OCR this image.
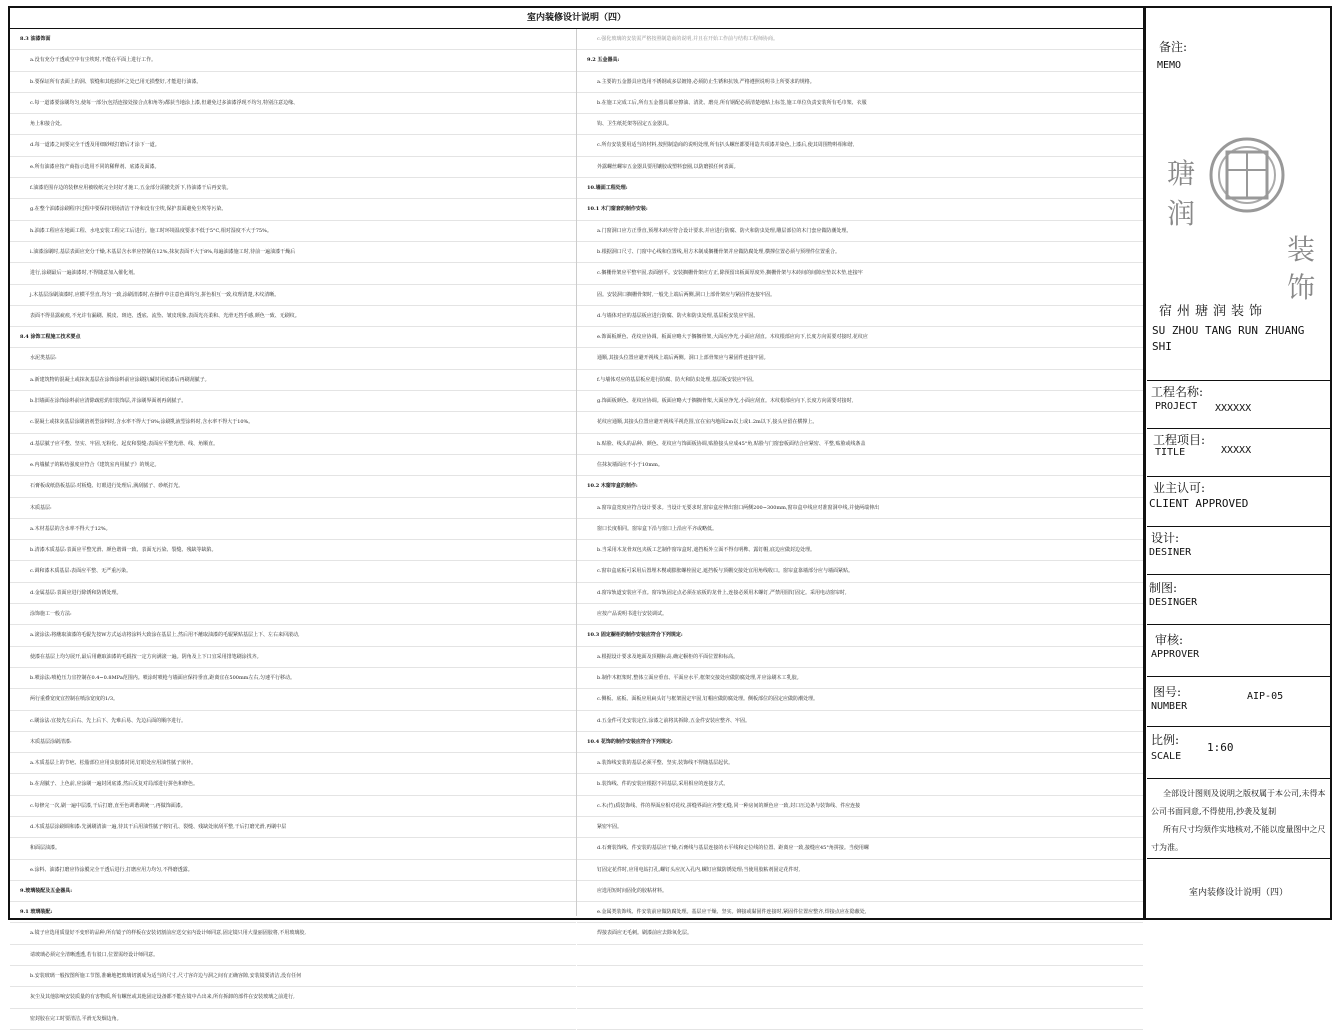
室内装修设计说明（四）
8.3 油漆饰面
a.没有充分干透或空中有尘埃时,不能在平面上进行工作。
b.要保证所有表面上的洞、裂缝和其他损坏之处已用无损整好,才能进行油漆。
c.每一道漆要涂刷均匀,使每一部分(包括连接处接合点和角等)都获当地涂上漆,但避免过多油漆浮现不均匀,特别注意边缘、
角上和接合处。
d.每一道漆之间要完全干透及用细砂纸打磨后才涂下一道。
e.所有油漆应按产商指示选用不同的稀释剂、底漆及面漆。
f.油漆范围存边的装修应用被收纸完全封好才施工,五金部分需撤先折下,待油漆干后再安装。
g.在整个油漆涂刷程序过程中要保持现场清洁干净和没有尘埃,保护表面避免尘埃等污染。
h.油漆工程应在地面工程、水电安装工程完工后进行。施工时环境温度要求不低于5°C,相对湿度不大于75%。
i.油漆涂刷时,基层表面应充分干燥,木基层含水率应控制在12%,抹灰表面不大于8%,每遍油漆施工时,待前一遍油漆干燥后
进行,涂刷最后一遍油漆时,不得随意加入催化剂。
j.木基层涂刷油漆时,应横平竖直,均匀一致,涂刷清漆时,在操作中注意色调均匀,拼色相互一致,纹理清楚,木纹清晰。
表面不得显露疵痕,不允许有漏刷、脱皮、斑迹、透底、流坠、皱皮现象,表面光亮柔和、光滑无挡手感,颜色一致、无刷纹。
8.4 涂饰工程施工技术要点
水泥类基层:
a.新建筑物的混凝土或抹灰基层在涂饰涂料前应涂刷抗碱封闭底漆后再刷刮腻子。
b.旧墙面在涂饰涂料前应清除疏松的旧装饰层,并涂刷界面剂再刮腻子。
c.混凝土或抹灰基层涂刷溶剂型涂料时,含水率不得大于8%;涂刷乳液型涂料时,含水率不得大于10%。
d.基层腻子应平整、坚实、牢固,无粉化、起皮和裂缝;表面应平整光滑、线、角顺直。
e.内墙腻子的粘结强度应符合《建筑室内用腻子》的规定。
石膏板或纸筋板基层:对板缝、钉眼进行处理后,满刮腻子、砂纸打光。
木质基层:
a.木材基层的含水率不得大于12%。
b.清漆木质基层:表面应平整光滑、颜色谐调一致、表面无污染、裂缝、残缺等缺陷。
c.调和漆木质基层:表面应平整、无严重污染。
d.金属基层:表面应进行除锈和防锈处理。
涂饰施工一般方法:
a.滚涂法:将蘸取油漆的毛辊先按W方式运动将涂料大致涂在基层上,然后用不蘸取油漆的毛辊紧贴基层上下、左右来回滚动,
使漆在基层上均匀展开,最后用蘸取油漆的毛辊按一定方向满滚一遍。阴角及上下口宜采用排笔刷涂找齐。
b.喷涂法:喷枪压力宜控制在0.4~0.8MPa范围内。喷涂时喷枪与墙面应保持垂直,距离宜在500mm左右,匀速平行移动。
两行重叠宽度宜控制在喷涂宽度的1/3。
c.刷涂法:宜按先左后右、先上后下、先难后易、先边后面的顺序进行。
木质基层涂刷清漆:
a.木质基层上的节疤、松脂部位应用虫胶漆封闭,钉眼处应用油性腻子嵌补。
b.在刮腻子、上色前,应涂刷一遍封闭底漆,然后反复对局部进行拼色和修色。
c.每修完一次,刷一遍中层漆,干后打磨,直至色调谐调统一,再做饰面漆。
d.木质基层涂刷调和漆:先满刷清油一遍,待其干后用油性腻子将钉孔、裂缝、残缺处嵌刮平整,干后打磨光滑,再刷中层
和面层油漆。
e.涂料、油漆打磨应待涂膜完全干透后进行,打磨应用力均匀,不得磨透露。
9.玻璃装配及五金器具:
9.1 玻璃装配:
a.镜子应选用质量好不变形的品种,所有镜子的样板在安装切割前应送交室内设计师同意,固定镜只用大量丽固胶将,不用玻璃胶,
请玻璃必须完全清晰透透,若有驳口,位置需经设计师同意。
b.安装玻璃一般按图所施工节图,准确地把玻璃切割成为适当的尺寸,尺寸容许边与洞之间有正确容隙,安装镜要清洁,没有任何
灰尘及其他影响安装质量的有害物质,所有螺丝或其他固定设备都不能在镜中凸出来,所有拆卸的部件在安装玻璃之前进行,
密封胶在完工时要清洁,平滑无发烟边角。
c.强化玻璃的安装需严格按照制造商的说明,并且在开始工作前与结构工程师协商。
9.2 五金器具:
a.主要的五金器具应选用不锈钢或多层镀铬,必须防止生锈和抗蚀,严格遵照说明书上所要求的规格。
b.在施工完成工后,所有五金器具都应擦油、清洗、磨亮,所有钢配必须清楚地贴上标签,施工单位负责安装所有毛巾架、衣服
钩、卫生纸托架等固定五金器具。
c.所有安装要用适当的材料,按照制造商的说明处理,所有扒头螺丝都要用造共项漆并染色,上漆后,使其周围物料相和谐,
外露螺丝螺帘五金器具要用镶胶或塑料套圈,以防磨损任何表面。
10.墙面工程处理:
10.1 木门窗套的制作安装:
a.门窗洞口应方正垂直,预埋木砖应符合设计要求,并应进行防腐、防火和防虫处理,雕层部位的木门套应做防潮处理。
b.根据洞口尺寸、门窗中心线和位置线,用方木制成搁栅骨架并应做防腐处理,横撑位置必须与预埋件位置重合。
c.搁栅骨架应平整牢固,表面刨平。安装搁栅骨架应方正,除预留出板面厚度外,搁栅骨架与木砖间的间隙应垫以木垫,连接牢
固。安装洞口搁栅骨架时,一般先上端后两侧,洞口上部骨架应与紧固件连接牢固。
d.与墙体对应的基层板应进行防腐、防火和防虫处理,基层板安装应牢固。
e.饰面板颜色、花纹应协调。板面应略大于搁搁骨架,大面应净光,小面应刮直。木纹根部应向下,长度方向需要对接时,花纹应
通顺,其接头位置应避开视线上端后两侧。洞口上部骨架应与紧固件连接牢固。
f.与墙体对应的基层板应进行防腐、防火和防虫处理,基层板安装应牢固。
g.饰面板颜色、花纹应协调。板面应略大于搁搁骨架,大面应净光,小面应刮直。木纹根部应向下,长度方向需要对接时,
花纹应通顺,其接头位置应避开视线平视范围,宜在室内地面2m以上或1.2m以下,接头应留在横撑上。
h.贴脸、线头的品种、颜色、花纹应与饰面板协调,贴脸接头应成45°角,贴脸与门窗套板面结合应紧密、平整,贴脸或线条盖
住抹灰墙面应不小于10mm。
10.2 木窗帘盒的制作:
a.窗帘盒宽度应符合设计要求。当设计无要求时,窗帘盒应伸出窗口两侧200~300mm,窗帘盒中线应对准窗洞中线,并使两端伸出
窗口长度相同。窗帘盒下沿与窗口上沿应平齐或略低。
b.当采用木龙骨双包夹板工艺制作窗帘盒时,遮挡板外立面不得有明榫、露钉帽,底边应做封边处理。
c.窗帘盒底板可采用后置埋木楔或膨胀螺栓固定,遮挡板与顶棚交接处宜用角线收口。窗帘盒靠墙部分应与墙面紧贴。
d.窗帘轨道安装应平直。窗帘轨固定点必须在底板的龙骨上,连接必须用木螺钉,严禁用圆钉固定。采用电动窗帘时,
应按产品说明书进行安装调试。
10.3 固定橱柜的制作安装应符合下列规定:
a.根据设计要求及地面及顶棚标高,确定橱柜的平面位置和标高。
b.制作木框架时,整体立面应垂直、平面应水平,框架交接处应做防腐处理,并应涂刷木工乳胶。
c.侧板、底板、面板应用扁头钉与框架固定牢固,钉帽应做防腐处理。侧板部位的固定应做防潮处理。
d.五金件可先安装定位,涂漆之前将其拆除,五金件安装应整齐、牢固。
10.4 花饰的制作安装应符合下列规定:
a.装饰线安装的基层必须平整、坚实,装饰线不得随基层起伏。
b.装饰线、件的安装应根据不同基层,采用相应的连接方式。
c.木(竹)质装饰线、件的界面应相对花纹,拼缝界面应齐整无缝,同一种房间的颜色应一致,封口压边条与装饰线、件应连接
紧密牢固。
d.石膏装饰线、件安装的基层应干燥,石膏线与基层连接的水平线和定位线的位置、距离应一致,接缝应45°角拼接。当使用螺
钉固定花件时,应用电钻打孔,螺钉头应沉入孔内,螺钉应做防锈处理;当使用胶粘剂固定花件时,
应选用短时间固化的胶粘材料。
e.金属类装饰线、件安装前应做防腐处理。基层应干燥、坚实。铆接或黏固件连接时,紧固件位置应整齐,焊接点应在隐蔽处,
焊接表面应无毛刺。刷漆前应去除氧化层。
备注:
MEMO
瑭
润
装
饰
宿州瑭润装饰
SU ZHOU TANG RUN ZHUANG SHI
工程名称:
PROJECT XXXXXX
工程项目:
TITLE	XXXXX
业主认可:
CLIENT APPROVED
设计:
DESINER
制图:
DESINGER
审核:
APPROVER
图号:
NUMBER
AIP-05
比例:
SCALE
1:60
全部设计图则及说明之版权属于本公司,未得本公司书面同意,不得使用,抄袭及复制
所有尺寸均须作实地核对,不能以度量图中之尺寸为准。
室内装修设计说明（四）
